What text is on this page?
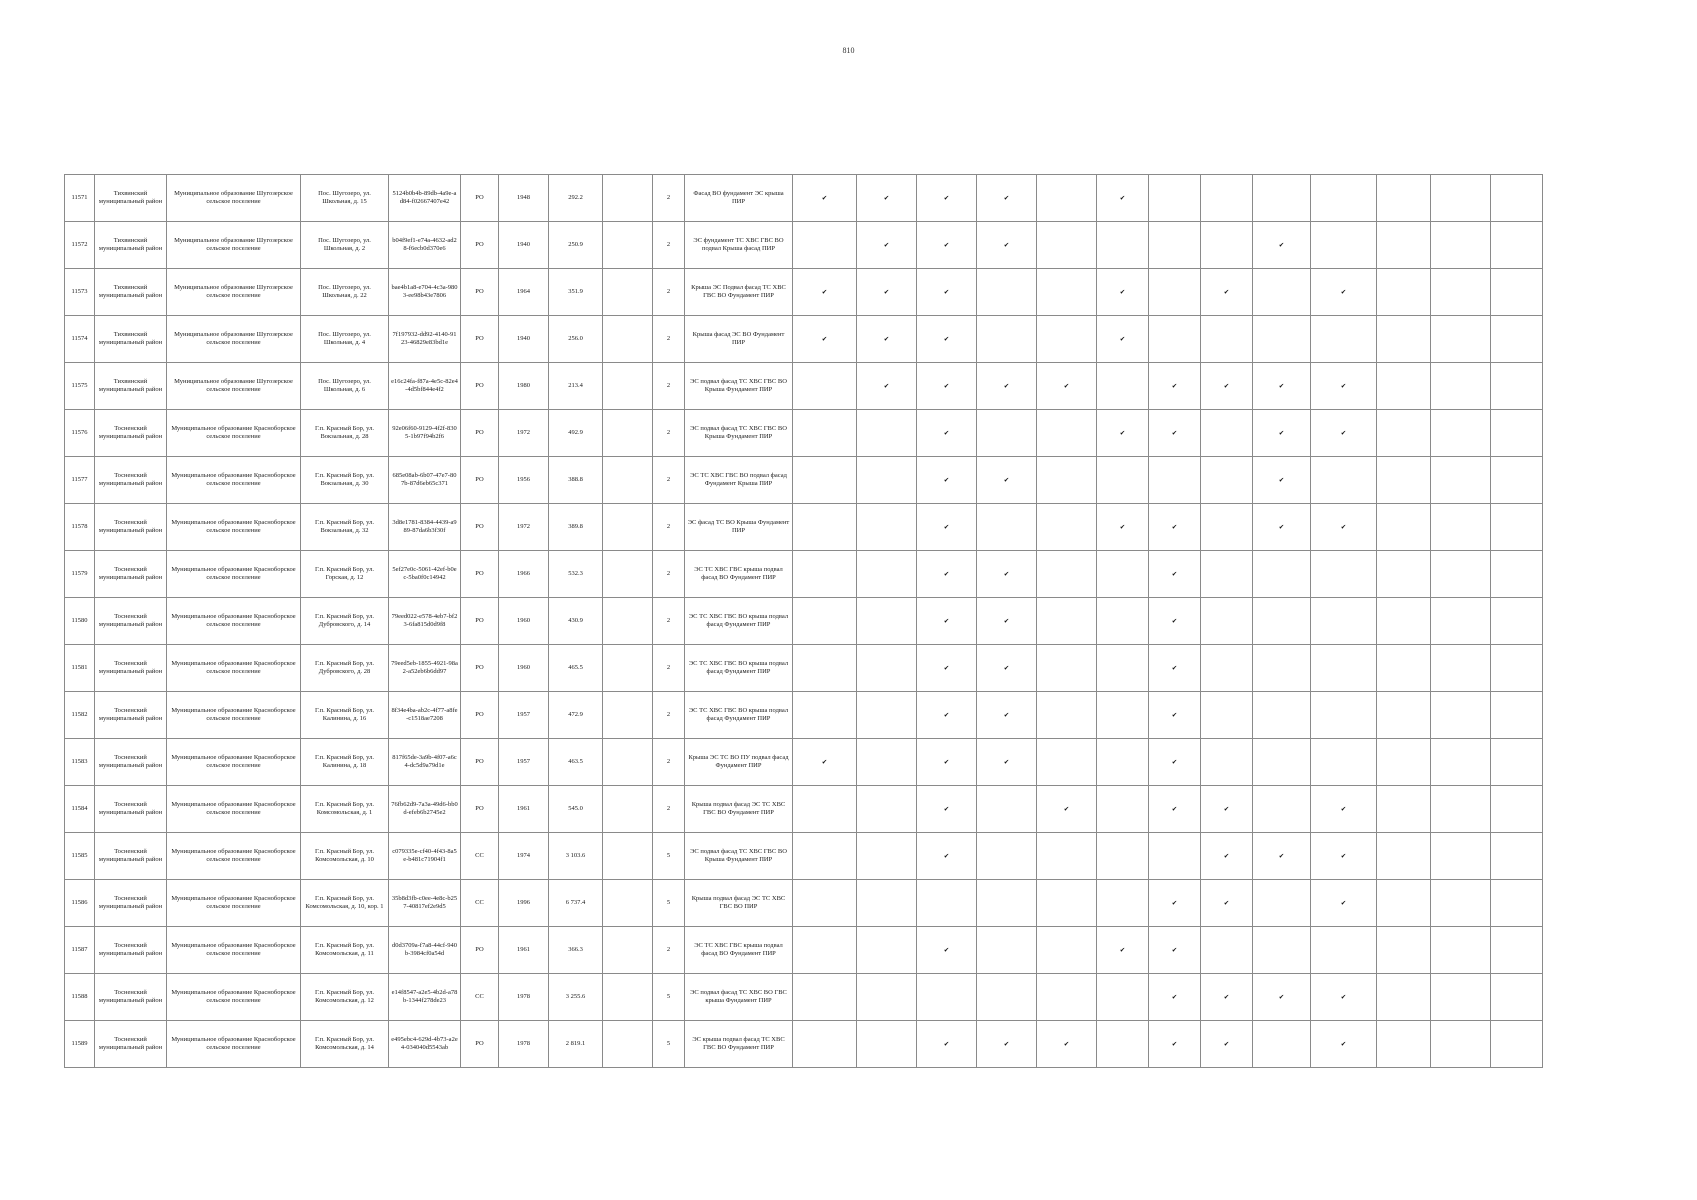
810
11571	Тихвинский муниципальный район	Муниципальное образование Шугозерское сельское поселение	Пос. Шугозеро, ул. Школьная, д. 15	5124b0b4b-89db-4a9e-ad84-f02667407e42	РО	1948	292.2		2	Фасад ВО фундамент ЭС крыша ПИР	✔	✔	✔	✔		✔							
11572	Тихвинский муниципальный район	Муниципальное образование Шугозерское сельское поселение	Пос. Шугозеро, ул. Школьная, д. 2	b04f9ef1-e74a-4632-ad28-f6ecb0d370e6	РО	1940	250.9		2	ЭС фундамент ТС ХВС ГВС ВО подвал Крыша фасад ПИР		✔	✔	✔					✔				
11573	Тихвинский муниципальный район	Муниципальное образование Шугозерское сельское поселение	Пос. Шугозеро, ул. Школьная, д. 22	bae4b1a8-e704-4c3a-9803-ee98b43e7806	РО	1964	351.9		2	Крыша ЭС Подвал фасад ТС ХВС ГВС ВО Фундамент ПИР	✔	✔	✔			✔		✔		✔			
11574	Тихвинский муниципальный район	Муниципальное образование Шугозерское сельское поселение	Пос. Шугозеро, ул. Школьная, д. 4	7f197932-dd92-4140-9123-46829e83bd1e	РО	1940	256.0		2	Крыша фасад ЭС ВО Фундамент ПИР	✔	✔	✔			✔							
11575	Тихвинский муниципальный район	Муниципальное образование Шугозерское сельское поселение	Пос. Шугозеро, ул. Школьная, д. 6	e16c24fa-f87a-4e5c-82e4-4d5bf844e4f2	РО	1980	213.4		2	ЭС подвал фасад ТС ХВС ГВС ВО Крыша Фундамент ПИР		✔	✔	✔	✔		✔	✔	✔	✔			
11576	Тосненский муниципальный район	Муниципальное образование Красноборское сельское поселение	Г.п. Красный Бор, ул. Вокзальная, д. 28	92e06f60-9129-4f2f-8305-1b97f94b2f6	РО	1972	492.9		2	ЭС подвал фасад ТС ХВС ГВС ВО Крыша Фундамент ПИР			✔			✔	✔		✔	✔			
11577	Тосненский муниципальный район	Муниципальное образование Красноборское сельское поселение	Г.п. Красный Бор, ул. Вокзальная, д. 30	685e08ab-6b07-47e7-807b-87d6eb65c371	РО	1956	388.8		2	ЭС ТС ХВС ГВС ВО подвал фасад Фундамент Крыша ПИР			✔	✔					✔				
11578	Тосненский муниципальный район	Муниципальное образование Красноборское сельское поселение	Г.п. Красный Бор, ул. Вокзальная, д. 32	3d8e1781-8384-4439-a989-87da6b3f30f	РО	1972	389.8		2	ЭС фасад ТС ВО Крыша Фундамент ПИР			✔			✔	✔		✔	✔			
11579	Тосненский муниципальный район	Муниципальное образование Красноборское сельское поселение	Г.п. Красный Бор, ул. Горская, д. 12	5ef27e0c-5061-42ef-b0ec-5ba0f0c14942	РО	1966	532.3		2	ЭС ТС ХВС ГВС крыша подвал фасад ВО Фундамент ПИР			✔	✔			✔						
11580	Тосненский муниципальный район	Муниципальное образование Красноборское сельское поселение	Г.п. Красный Бор, ул. Дубровского, д. 14	79eed022-e578-4eb7-bf23-6fa815d0d9f8	РО	1960	430.9		2	ЭС ТС ХВС ГВС ВО крыша подвал фасад Фундамент ПИР			✔	✔			✔						
11581	Тосненский муниципальный район	Муниципальное образование Красноборское сельское поселение	Г.п. Красный Бор, ул. Дубровского, д. 28	79eed5eb-1855-4921-98a2-a52eb6b6dd97	РО	1960	465.5		2	ЭС ТС ХВС ГВС ВО крыша подвал фасад Фундамент ПИР			✔	✔			✔						
11582	Тосненский муниципальный район	Муниципальное образование Красноборское сельское поселение	Г.п. Красный Бор, ул. Калинина, д. 16	8f34e4ba-ab2c-4f77-a8fe-c1518ae7208	РО	1957	472.9		2	ЭС ТС ХВС ГВС ВО крыша подвал фасад Фундамент ПИР			✔	✔			✔						
11583	Тосненский муниципальный район	Муниципальное образование Красноборское сельское поселение	Г.п. Красный Бор, ул. Калинина, д. 18	817f65de-3a9b-4f07-a6c4-dc5d9a79d1e	РО	1957	463.5		2	Крыша ЭС ТС ВО ПУ подвал фасад Фундамент ПИР	✔		✔	✔			✔						
11584	Тосненский муниципальный район	Муниципальное образование Красноборское сельское поселение	Г.п. Красный Бор, ул. Комсомольская, д. 1	76fb62d9-7a3a-49d6-bb0d-efeb6b2745e2	РО	1961	545.0		2	Крыша подвал фасад ЭС ТС ХВС ГВС ВО Фундамент ПИР			✔		✔		✔	✔		✔			
11585	Тосненский муниципальный район	Муниципальное образование Красноборское сельское поселение	Г.п. Красный Бор, ул. Комсомольская, д. 10	c079335e-cf40-4f43-8a5e-b481c71904f1	СС	1974	3 103.6		5	ЭС подвал фасад ТС ХВС ГВС ВО Крыша Фундамент ПИР			✔					✔	✔	✔			
11586	Тосненский муниципальный район	Муниципальное образование Красноборское сельское поселение	Г.п. Красный Бор, ул. Комсомольская, д. 10, кор. 1	35b8d3fb-c0ee-4e8c-b257-40817ef2e9d5	СС	1996	6 737.4		5	Крыша подвал фасад ЭС ТС ХВС ГВС ВО ПИР							✔	✔		✔			
11587	Тосненский муниципальный район	Муниципальное образование Красноборское сельское поселение	Г.п. Красный Бор, ул. Комсомольская, д. 11	d0d3709a-f7a8-44cf-940b-3984cf0a54d	РО	1961	366.3		2	ЭС ТС ХВС ГВС крыша подвал фасад ВО Фундамент ПИР			✔			✔	✔						
11588	Тосненский муниципальный район	Муниципальное образование Красноборское сельское поселение	Г.п. Красный Бор, ул. Комсомольская, д. 12	e14f8547-a2e5-4b2d-a78b-1344f278de23	СС	1978	3 255.6		5	ЭС подвал фасад ТС ХВС ВО ГВС крыша Фундамент ПИР							✔	✔	✔	✔			
11589	Тосненский муниципальный район	Муниципальное образование Красноборское сельское поселение	Г.п. Красный Бор, ул. Комсомольская, д. 14	e495ebc4-629d-4b73-a2e4-034040d5543ab	РО	1978	2 819.1		5	ЭС крыша подвал фасад ТС ХВС ГВС ВО Фундамент ПИР			✔	✔	✔		✔	✔		✔			
